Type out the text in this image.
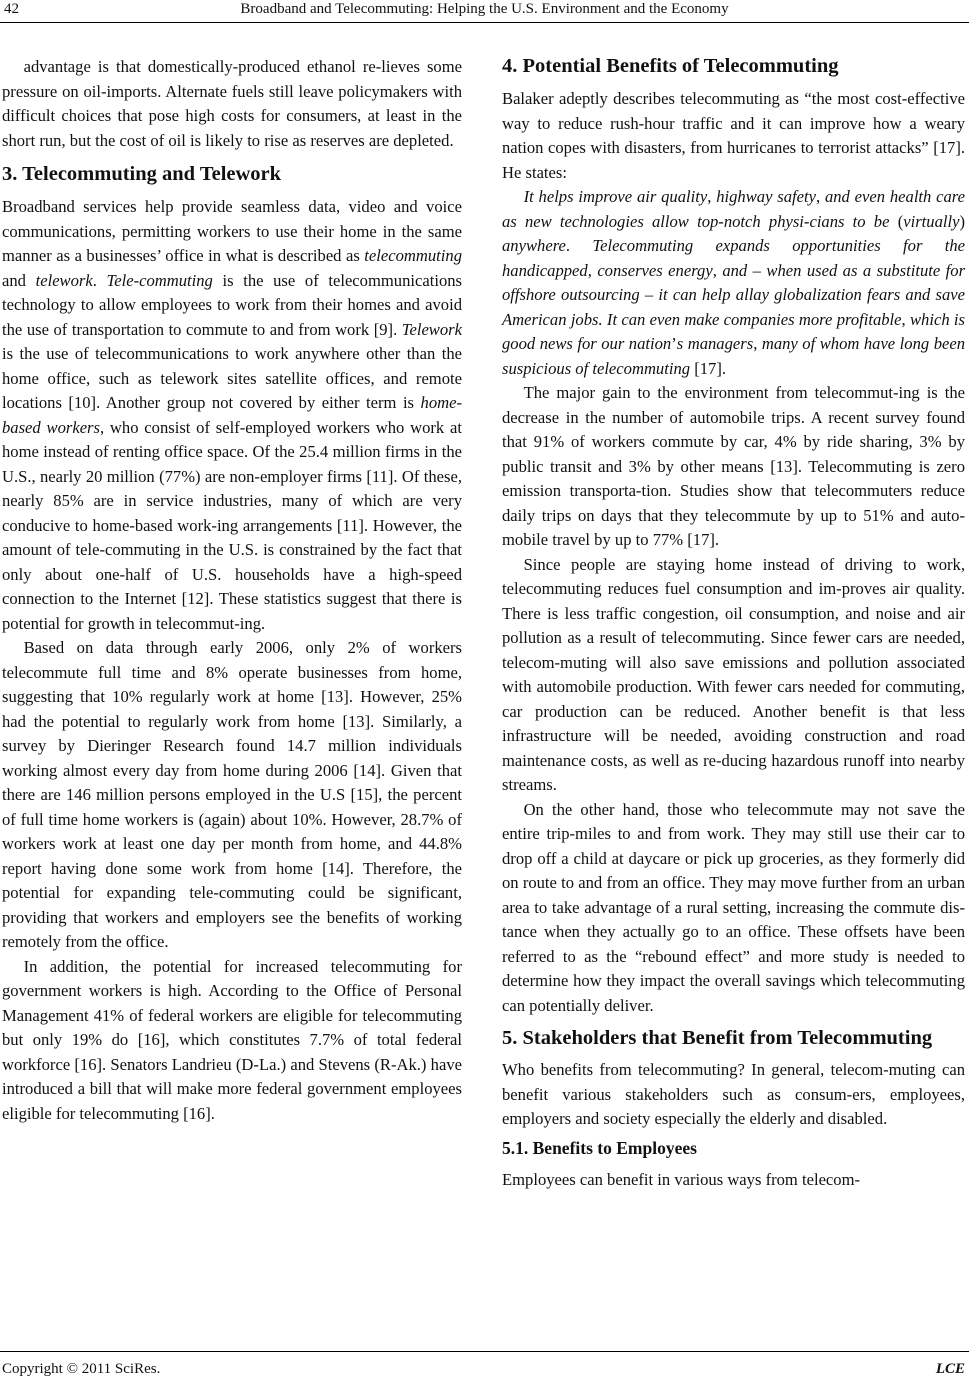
42	Broadband and Telecommuting: Helping the U.S. Environment and the Economy

advantage is that domestically-produced ethanol re-lieves some pressure on oil-imports. Alternate fuels still leave policymakers with difficult choices that pose high costs for consumers, at least in the short run, but the cost of oil is likely to rise as reserves are depleted.

3. Telecommuting and Telework

Broadband services help provide seamless data, video and voice communications, permitting workers to use their home in the same manner as a businesses’ office in what is described as telecommuting and telework. Tele-commuting is the use of telecommunications technology to allow employees to work from their homes and avoid the use of transportation to commute to and from work [9]. Telework is the use of telecommunications to work anywhere other than the home office, such as telework sites satellite offices, and remote locations [10]. Another group not covered by either term is home-based workers, who consist of self-employed workers who work at home instead of renting office space. Of the 25.4 million firms in the U.S., nearly 20 million (77%) are non-employer firms [11]. Of these, nearly 85% are in service industries, many of which are very conducive to home-based work-ing arrangements [11]. However, the amount of tele-commuting in the U.S. is constrained by the fact that only about one-half of U.S. households have a high-speed connection to the Internet [12]. These statistics suggest that there is potential for growth in telecommut-ing.

Based on data through early 2006, only 2% of workers telecommute full time and 8% operate businesses from home, suggesting that 10% regularly work at home [13]. However, 25% had the potential to regularly work from home [13]. Similarly, a survey by Dieringer Research found 14.7 million individuals working almost every day from home during 2006 [14]. Given that there are 146 million persons employed in the U.S [15], the percent of full time home workers is (again) about 10%. However, 28.7% of workers work at least one day per month from home, and 44.8% report having done some work from home [14]. Therefore, the potential for expanding tele-commuting could be significant, providing that workers and employers see the benefits of working remotely from the office.

In addition, the potential for increased telecommuting for government workers is high. According to the Office of Personal Management 41% of federal workers are eligible for telecommuting but only 19% do [16], which constitutes 7.7% of total federal workforce [16]. Senators Landrieu (D-La.) and Stevens (R-Ak.) have introduced a bill that will make more federal government employees eligible for telecommuting [16].

4. Potential Benefits of Telecommuting

Balaker adeptly describes telecommuting as “the most cost-effective way to reduce rush-hour traffic and it can improve how a weary nation copes with disasters, from hurricanes to terrorist attacks” [17]. He states:

It helps improve air quality, highway safety, and even health care as new technologies allow top-notch physi-cians to be (virtually) anywhere. Telecommuting expands opportunities for the handicapped, conserves energy, and – when used as a substitute for offshore outsourcing – it can help allay globalization fears and save American jobs. It can even make companies more profitable, which is good news for our nation’s managers, many of whom have long been suspicious of telecommuting [17].

The major gain to the environment from telecommut-ing is the decrease in the number of automobile trips. A recent survey found that 91% of workers commute by car, 4% by ride sharing, 3% by public transit and 3% by other means [13]. Telecommuting is zero emission transporta-tion. Studies show that telecommuters reduce daily trips on days that they telecommute by up to 51% and auto-mobile travel by up to 77% [17].

Since people are staying home instead of driving to work, telecommuting reduces fuel consumption and im-proves air quality. There is less traffic congestion, oil consumption, and noise and air pollution as a result of telecommuting. Since fewer cars are needed, telecom-muting will also save emissions and pollution associated with automobile production. With fewer cars needed for commuting, car production can be reduced. Another benefit is that less infrastructure will be needed, avoiding construction and road maintenance costs, as well as re-ducing hazardous runoff into nearby streams.

On the other hand, those who telecommute may not save the entire trip-miles to and from work. They may still use their car to drop off a child at daycare or pick up groceries, as they formerly did on route to and from an office. They may move further from an urban area to take advantage of a rural setting, increasing the commute dis-tance when they actually go to an office. These offsets have been referred to as the “rebound effect” and more study is needed to determine how they impact the overall savings which telecommuting can potentially deliver.

5. Stakeholders that Benefit from Telecommuting

Who benefits from telecommuting? In general, telecom-muting can benefit various stakeholders such as consum-ers, employees, employers and society especially the elderly and disabled.

5.1. Benefits to Employees

Employees can benefit in various ways from telecom-

Copyright © 2011 SciRes.	LCE
